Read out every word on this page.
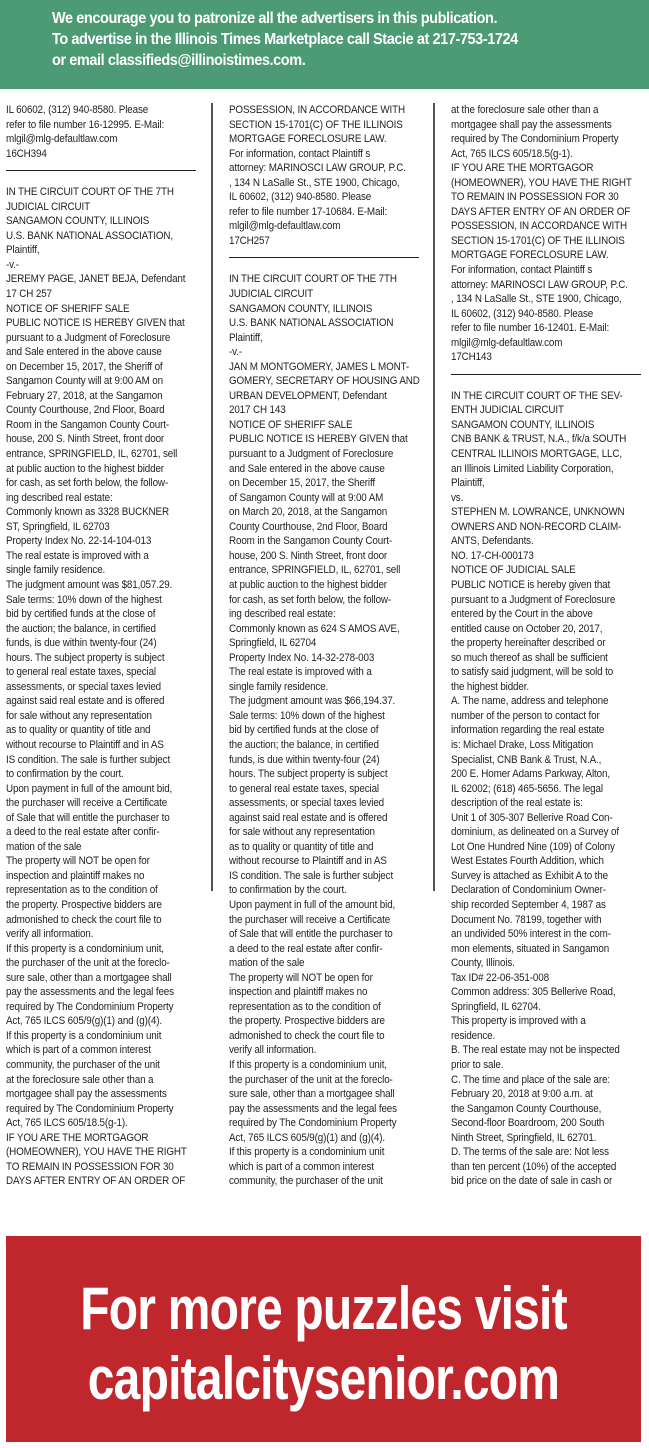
We encourage you to patronize all the advertisers in this publication.
To advertise in the Illinois Times Marketplace call Stacie at 217-753-1724
or email classifieds@illinoistimes.com.
IL 60602, (312) 940-8580. Please
refer to file number 16-12995. E-Mail:
mlgil@mlg-defaultlaw.com
16CH394
IN THE CIRCUIT COURT OF THE 7TH
JUDICIAL CIRCUIT
SANGAMON COUNTY, ILLINOIS
U.S. BANK NATIONAL ASSOCIATION,
Plaintiff,
-v.-
JEREMY PAGE, JANET BEJA, Defendant
17 CH 257
NOTICE OF SHERIFF SALE
PUBLIC NOTICE IS HEREBY GIVEN that
pursuant to a Judgment of Foreclosure
and Sale entered in the above cause
on December 15, 2017, the Sheriff of
Sangamon County will at 9:00 AM on
February 27, 2018, at the Sangamon
County Courthouse, 2nd Floor, Board
Room in the Sangamon County Court-
house, 200 S. Ninth Street, front door
entrance, SPRINGFIELD, IL, 62701, sell
at public auction to the highest bidder
for cash, as set forth below, the follow-
ing described real estate:
Commonly known as 3328 BUCKNER
ST, Springfield, IL 62703
Property Index No. 22-14-104-013
The real estate is improved with a
single family residence.
The judgment amount was $81,057.29.
Sale terms: 10% down of the highest
bid by certified funds at the close of
the auction; the balance, in certified
funds, is due within twenty-four (24)
hours. The subject property is subject
to general real estate taxes, special
assessments, or special taxes levied
against said real estate and is offered
for sale without any representation
as to quality or quantity of title and
without recourse to Plaintiff and in AS
IS condition. The sale is further subject
to confirmation by the court.
Upon payment in full of the amount bid,
the purchaser will receive a Certificate
of Sale that will entitle the purchaser to
a deed to the real estate after confir-
mation of the sale
The property will NOT be open for
inspection and plaintiff makes no
representation as to the condition of
the property. Prospective bidders are
admonished to check the court file to
verify all information.
If this property is a condominium unit,
the purchaser of the unit at the foreclo-
sure sale, other than a mortgagee shall
pay the assessments and the legal fees
required by The Condominium Property
Act, 765 ILCS 605/9(g)(1) and (g)(4).
If this property is a condominium unit
which is part of a common interest
community, the purchaser of the unit
at the foreclosure sale other than a
mortgagee shall pay the assessments
required by The Condominium Property
Act, 765 ILCS 605/18.5(g-1).
IF YOU ARE THE MORTGAGOR
(HOMEOWNER), YOU HAVE THE RIGHT
TO REMAIN IN POSSESSION FOR 30
DAYS AFTER ENTRY OF AN ORDER OF
POSSESSION, IN ACCORDANCE WITH
SECTION 15-1701(C) OF THE ILLINOIS
MORTGAGE FORECLOSURE LAW.
For information, contact Plaintiff s
attorney: MARINOSCI LAW GROUP, P.C.
, 134 N LaSalle St., STE 1900, Chicago,
IL 60602, (312) 940-8580. Please
refer to file number 17-10684. E-Mail:
mlgil@mlg-defaultlaw.com
17CH257
IN THE CIRCUIT COURT OF THE 7TH
JUDICIAL CIRCUIT
SANGAMON COUNTY, ILLINOIS
U.S. BANK NATIONAL ASSOCIATION
Plaintiff,
-v.-
JAN M MONTGOMERY, JAMES L MONT-
GOMERY, SECRETARY OF HOUSING AND
URBAN DEVELOPMENT, Defendant
2017 CH 143
NOTICE OF SHERIFF SALE
PUBLIC NOTICE IS HEREBY GIVEN that
pursuant to a Judgment of Foreclosure
and Sale entered in the above cause
on December 15, 2017, the Sheriff
of Sangamon County will at 9:00 AM
on March 20, 2018, at the Sangamon
County Courthouse, 2nd Floor, Board
Room in the Sangamon County Court-
house, 200 S. Ninth Street, front door
entrance, SPRINGFIELD, IL, 62701, sell
at public auction to the highest bidder
for cash, as set forth below, the follow-
ing described real estate:
Commonly known as 624 S AMOS AVE,
Springfield, IL 62704
Property Index No. 14-32-278-003
The real estate is improved with a
single family residence.
The judgment amount was $66,194.37.
Sale terms: 10% down of the highest
bid by certified funds at the close of
the auction; the balance, in certified
funds, is due within twenty-four (24)
hours. The subject property is subject
to general real estate taxes, special
assessments, or special taxes levied
against said real estate and is offered
for sale without any representation
as to quality or quantity of title and
without recourse to Plaintiff and in AS
IS condition. The sale is further subject
to confirmation by the court.
Upon payment in full of the amount bid,
the purchaser will receive a Certificate
of Sale that will entitle the purchaser to
a deed to the real estate after confir-
mation of the sale
The property will NOT be open for
inspection and plaintiff makes no
representation as to the condition of
the property. Prospective bidders are
admonished to check the court file to
verify all information.
If this property is a condominium unit,
the purchaser of the unit at the foreclo-
sure sale, other than a mortgagee shall
pay the assessments and the legal fees
required by The Condominium Property
Act, 765 ILCS 605/9(g)(1) and (g)(4).
If this property is a condominium unit
which is part of a common interest
community, the purchaser of the unit
at the foreclosure sale other than a
mortgagee shall pay the assessments
required by The Condominium Property
Act, 765 ILCS 605/18.5(g-1).
IF YOU ARE THE MORTGAGOR
(HOMEOWNER), YOU HAVE THE RIGHT
TO REMAIN IN POSSESSION FOR 30
DAYS AFTER ENTRY OF AN ORDER OF
POSSESSION, IN ACCORDANCE WITH
SECTION 15-1701(C) OF THE ILLINOIS
MORTGAGE FORECLOSURE LAW.
For information, contact Plaintiff s
attorney: MARINOSCI LAW GROUP, P.C.
, 134 N LaSalle St., STE 1900, Chicago,
IL 60602, (312) 940-8580. Please
refer to file number 16-12401. E-Mail:
mlgil@mlg-defaultlaw.com
17CH143
IN THE CIRCUIT COURT OF THE SEV-
ENTH JUDICIAL CIRCUIT
SANGAMON COUNTY, ILLINOIS
CNB BANK & TRUST, N.A., f/k/a SOUTH
CENTRAL ILLINOIS MORTGAGE, LLC,
an Illinois Limited Liability Corporation,
Plaintiff,
vs.
STEPHEN M. LOWRANCE, UNKNOWN
OWNERS AND NON-RECORD CLAIM-
ANTS, Defendants.
NO. 17-CH-000173
NOTICE OF JUDICIAL SALE
PUBLIC NOTICE is hereby given that
pursuant to a Judgment of Foreclosure
entered by the Court in the above
entitled cause on October 20, 2017,
the property hereinafter described or
so much thereof as shall be sufficient
to satisfy said judgment, will be sold to
the highest bidder.
A. The name, address and telephone
number of the person to contact for
information regarding the real estate
is: Michael Drake, Loss Mitigation
Specialist, CNB Bank & Trust, N.A.,
200 E. Homer Adams Parkway, Alton,
IL 62002; (618) 465-5656. The legal
description of the real estate is:
Unit 1 of 305-307 Bellerive Road Con-
dominium, as delineated on a Survey of
Lot One Hundred Nine (109) of Colony
West Estates Fourth Addition, which
Survey is attached as Exhibit A to the
Declaration of Condominium Owner-
ship recorded September 4, 1987 as
Document No. 78199, together with
an undivided 50% interest in the com-
mon elements, situated in Sangamon
County, Illinois.
Tax ID# 22-06-351-008
Common address: 305 Bellerive Road,
Springfield, IL 62704.
This property is improved with a
residence.
B. The real estate may not be inspected
prior to sale.
C. The time and place of the sale are:
February 20, 2018 at 9:00 a.m. at
the Sangamon County Courthouse,
Second-floor Boardroom, 200 South
Ninth Street, Springfield, IL 62701.
D. The terms of the sale are: Not less
than ten percent (10%) of the accepted
bid price on the date of sale in cash or
For more puzzles visit
capitalcitysenior.com
